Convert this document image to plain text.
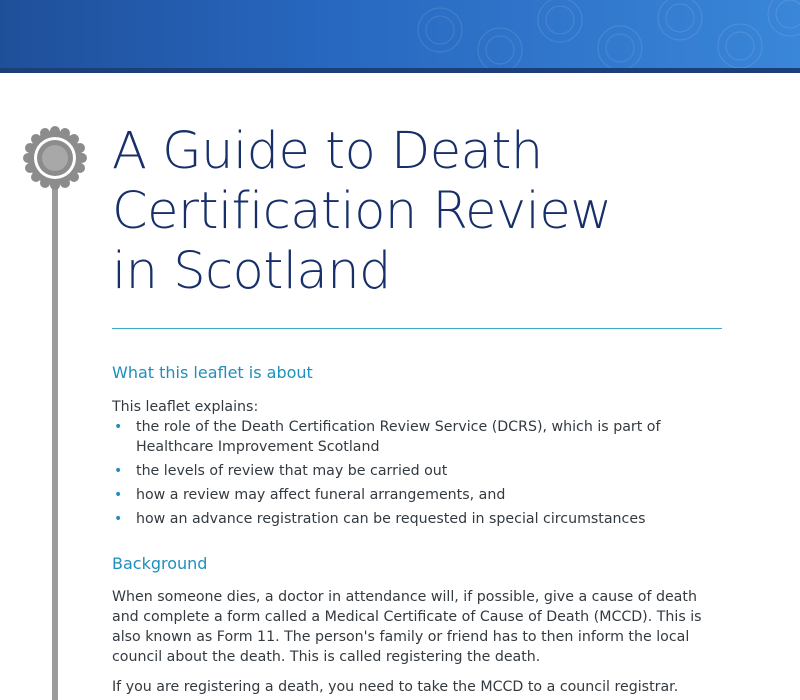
A Guide to Death
Certification Review
in Scotland
What this leaflet is about

This leaflet explains:

• the role of the Death Certification Review Service (DCRS), which is part of Healthcare Improvement Scotland
• the levels of review that may be carried out
• how a review may affect funeral arrangements, and
• how an advance registration can be requested in special circumstances
Background

When someone dies, a doctor in attendance will, if possible, give a cause of death and complete a form called a Medical Certificate of Cause of Death (MCCD). This is also known as Form 11. The person's family or friend has to then inform the local council about the death. This is called registering the death.

If you are registering a death, you need to take the MCCD to a council registrar.
